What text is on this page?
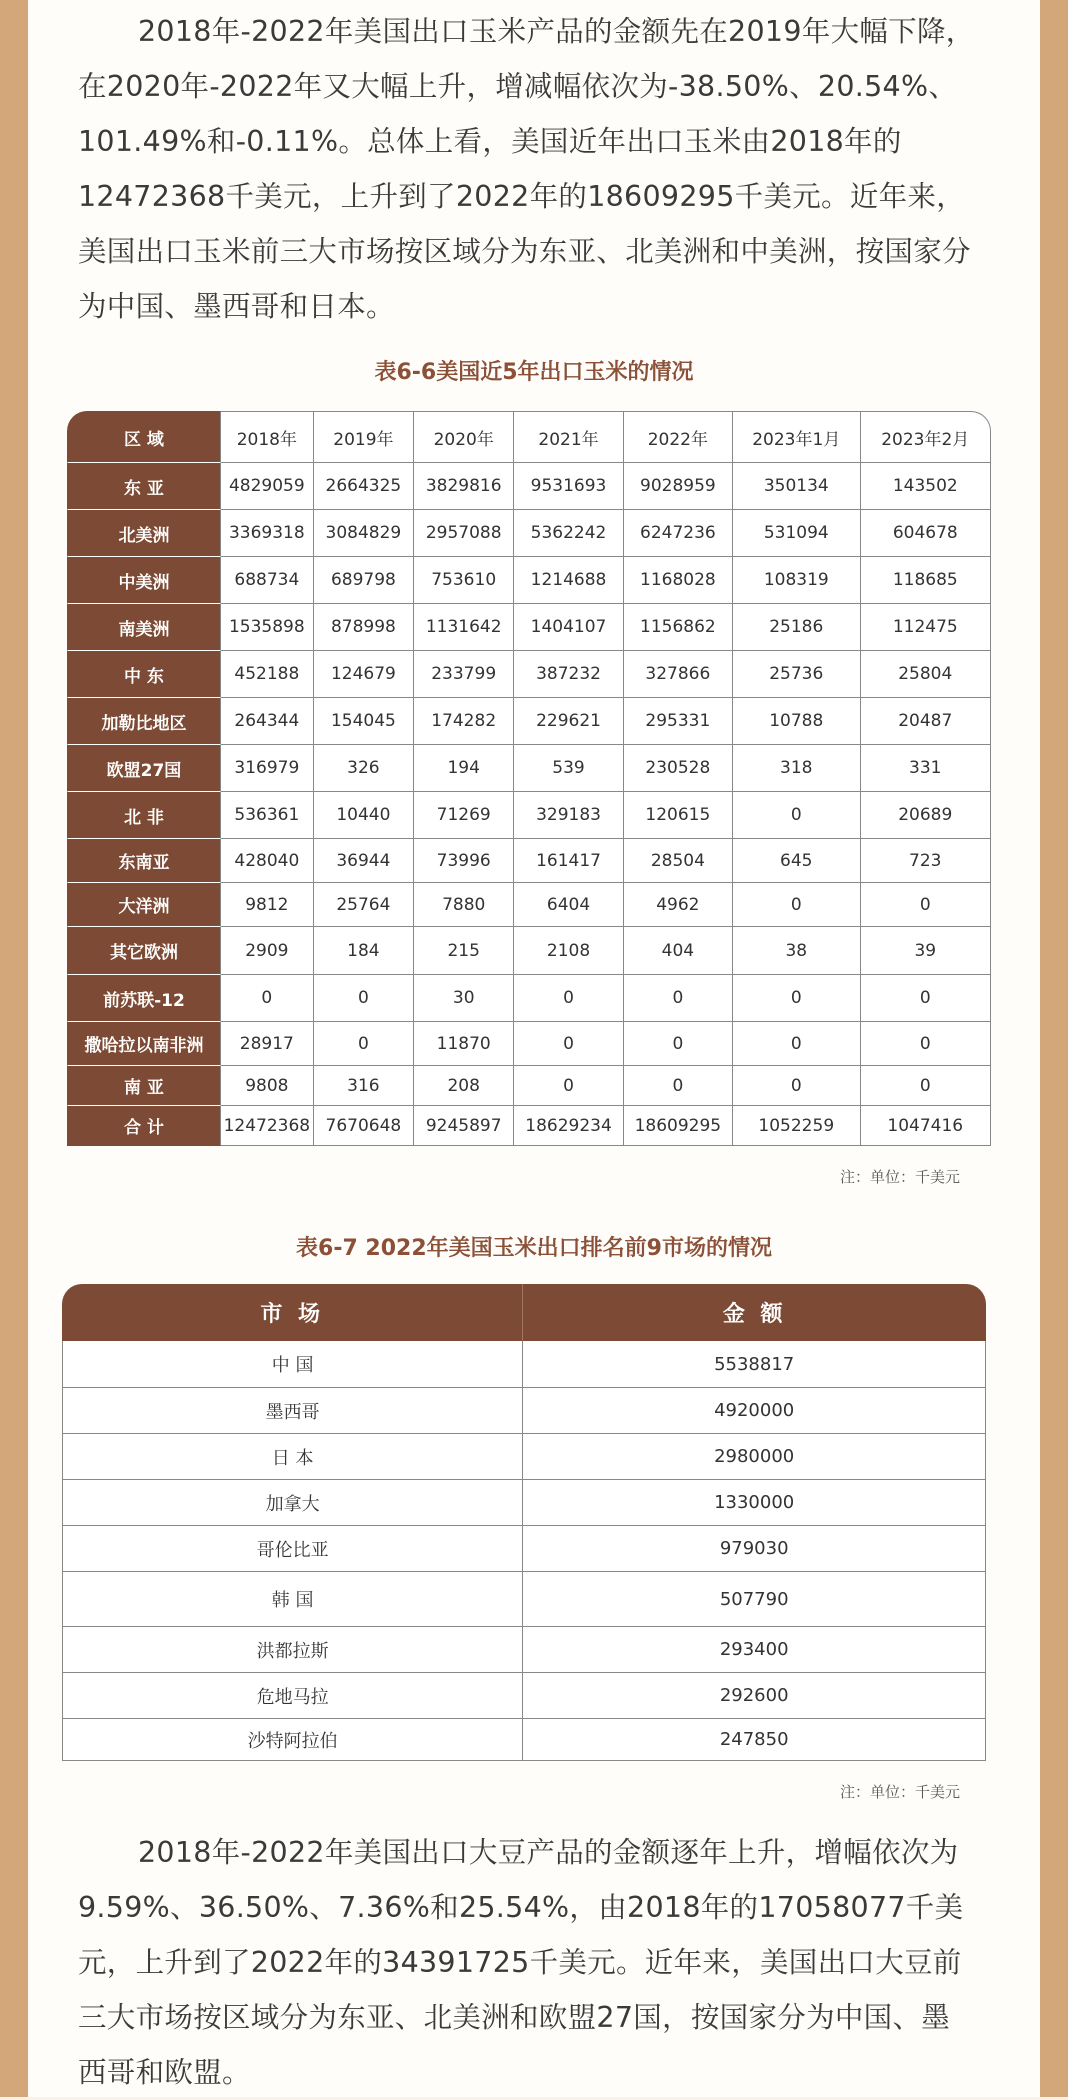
2018年-2022年美国出口玉米产品的金额先在2019年大幅下降，在2020年-2022年又大幅上升，增减幅依次为-38.50%、20.54%、101.49%和-0.11%。总体上看，美国近年出口玉米由2018年的12472368千美元，上升到了2022年的18609295千美元。近年来，美国出口玉米前三大市场按区域分为东亚、北美洲和中美洲，按国家分为中国、墨西哥和日本。

表6-6美国近5年出口玉米的情况
区 域	2018年	2019年	2020年	2021年	2022年	2023年1月	2023年2月
东 亚	4829059	2664325	3829816	9531693	9028959	350134	143502
北美洲	3369318	3084829	2957088	5362242	6247236	531094	604678
中美洲	688734	689798	753610	1214688	1168028	108319	118685
南美洲	1535898	878998	1131642	1404107	1156862	25186	112475
中 东	452188	124679	233799	387232	327866	25736	25804
加勒比地区	264344	154045	174282	229621	295331	10788	20487
欧盟27国	316979	326	194	539	230528	318	331
北 非	536361	10440	71269	329183	120615	0	20689
东南亚	428040	36944	73996	161417	28504	645	723
大洋洲	9812	25764	7880	6404	4962	0	0
其它欧洲	2909	184	215	2108	404	38	39
前苏联-12	0	0	30	0	0	0	0
撒哈拉以南非洲	28917	0	11870	0	0	0	0
南 亚	9808	316	208	0	0	0	0
合 计	12472368	7670648	9245897	18629234	18609295	1052259	1047416
注：单位：千美元
表6-7 2022年美国玉米出口排名前9市场的情况
市 场	金 额
中 国	5538817
墨西哥	4920000
日 本	2980000
加拿大	1330000
哥伦比亚	979030
韩 国	507790
洪都拉斯	293400
危地马拉	292600
沙特阿拉伯	247850
注：单位：千美元

2018年-2022年美国出口大豆产品的金额逐年上升，增幅依次为9.59%、36.50%、7.36%和25.54%，由2018年的17058077千美元，上升到了2022年的34391725千美元。近年来，美国出口大豆前三大市场按区域分为东亚、北美洲和欧盟27国，按国家分为中国、墨西哥和欧盟。
